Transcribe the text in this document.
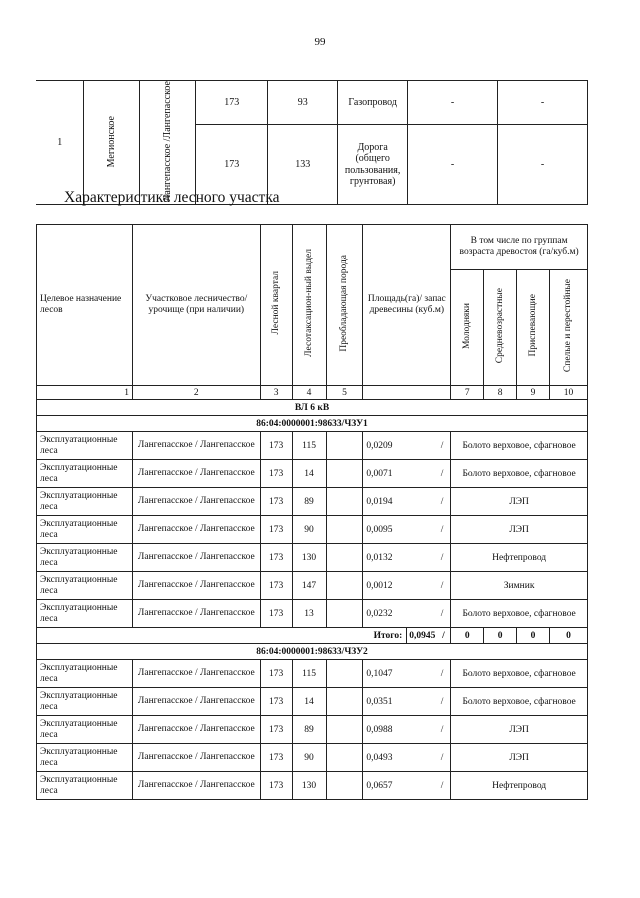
99
1	Мегионское	Лангепасское /Лангепасское	173	93	Газопровод	-	-
			173	133	Дорога (общего пользования, грунтовая)	-	-
Характеристика лесного участка
Целевое назначение лесов	Участковое лесничество/урочище (при наличии)	Лесной квартал	Лесотаксацион-ный выдел	Преобладающая порода	Площадь(га)/ запас древесины (куб.м)			В том числе по группам возраста древостоя (га/куб.м)			
								Молодняки	Средневозрастные	Приспевающие	Спелые и перестойные
1	2	3	4	5				7	8	9	10
ВЛ 6 кВ											
86:04:0000001:98633/ЧЗУ1											
Эксплуатационные леса	Лангепасское / Лангепасское	173	115		0,0209		/	Болото верховое, сфагновое			
Эксплуатационные леса	Лангепасское / Лангепасское	173	14		0,0071		/	Болото верховое, сфагновое			
Эксплуатационные леса	Лангепасское / Лангепасское	173	89		0,0194		/	ЛЭП			
Эксплуатационные леса	Лангепасское / Лангепасское	173	90		0,0095		/	ЛЭП			
Эксплуатационные леса	Лангепасское / Лангепасское	173	130		0,0132		/	Нефтепровод			
Эксплуатационные леса	Лангепасское / Лангепасское	173	147		0,0012		/	Зимник			
Эксплуатационные леса	Лангепасское / Лангепасское	173	13		0,0232		/	Болото верховое, сфагновое			
Итого:						0,0945	/	0	0	0	0
86:04:0000001:98633/ЧЗУ2											
Эксплуатационные леса	Лангепасское / Лангепасское	173	115		0,1047		/	Болото верховое, сфагновое			
Эксплуатационные леса	Лангепасское / Лангепасское	173	14		0,0351		/	Болото верховое, сфагновое			
Эксплуатационные леса	Лангепасское / Лангепасское	173	89		0,0988		/	ЛЭП			
Эксплуатационные леса	Лангепасское / Лангепасское	173	90		0,0493		/	ЛЭП			
Эксплуатационные леса	Лангепасское / Лангепасское	173	130		0,0657		/	Нефтепровод			
